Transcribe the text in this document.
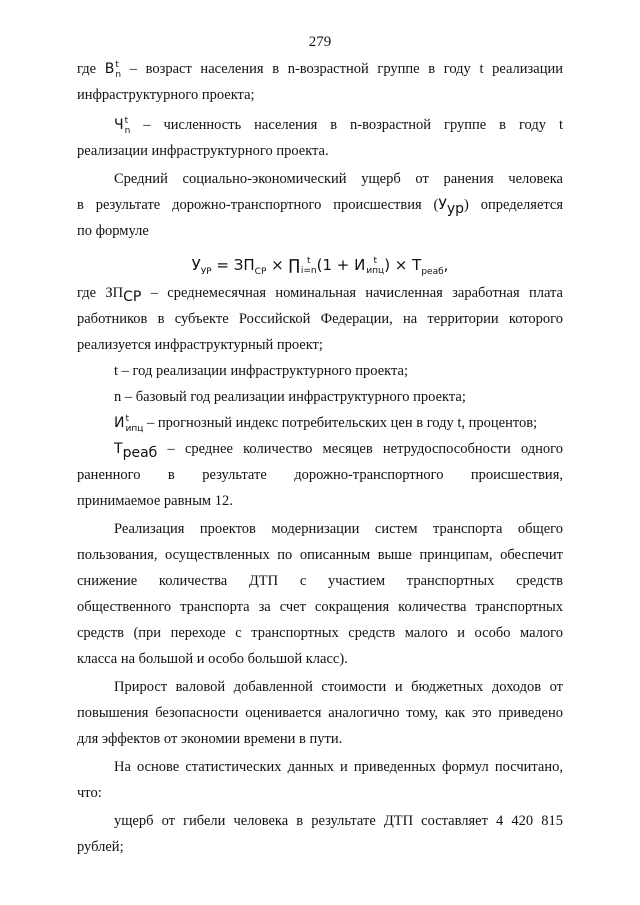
279
где В t
n – возраст населения в n-возрастной группе в году t реализации
инфраструктурного проекта;
Ч t
n – численность населения в n-возрастной группе в году t
реализации инфраструктурного проекта.
Средний социально-экономический ущерб от ранения человека
в результате дорожно-транспортного происшествия $(У_{ур})$ определяется
по формуле
$У_{УР} = ЗП_{СР}$ × ∏ t
i=n (1 + И t
ипц ) × $Т_{реаб}$,
где $ЗП_{СР}$ – среднемесячная номинальная начисленная заработная плата
работников в субъекте Российской Федерации, на территории которого
реализуется инфраструктурный проект;
t – год реализации инфраструктурного проекта;
n – базовый год реализации инфраструктурного проекта;
И t
ипц – прогнозный индекс потребительских цен в году t, процентов;
$Т_{реаб}$ – среднее количество месяцев нетрудоспособности одного
раненного в результате дорожно-транспортного происшествия,
принимаемое равным 12.
Реализация проектов модернизации систем транспорта общего
пользования, осуществленных по описанным выше принципам, обеспечит
снижение количества ДТП с участием транспортных средств
общественного транспорта за счет сокращения количества транспортных
средств (при переходе с транспортных средств малого и особо малого
класса на большой и особо большой класс).
Прирост валовой добавленной стоимости и бюджетных доходов от
повышения безопасности оценивается аналогично тому, как это приведено
для эффектов от экономии времени в пути.
На основе статистических данных и приведенных формул посчитано,
что:
ущерб от гибели человека в результате ДТП составляет 4 420 815
рублей;
